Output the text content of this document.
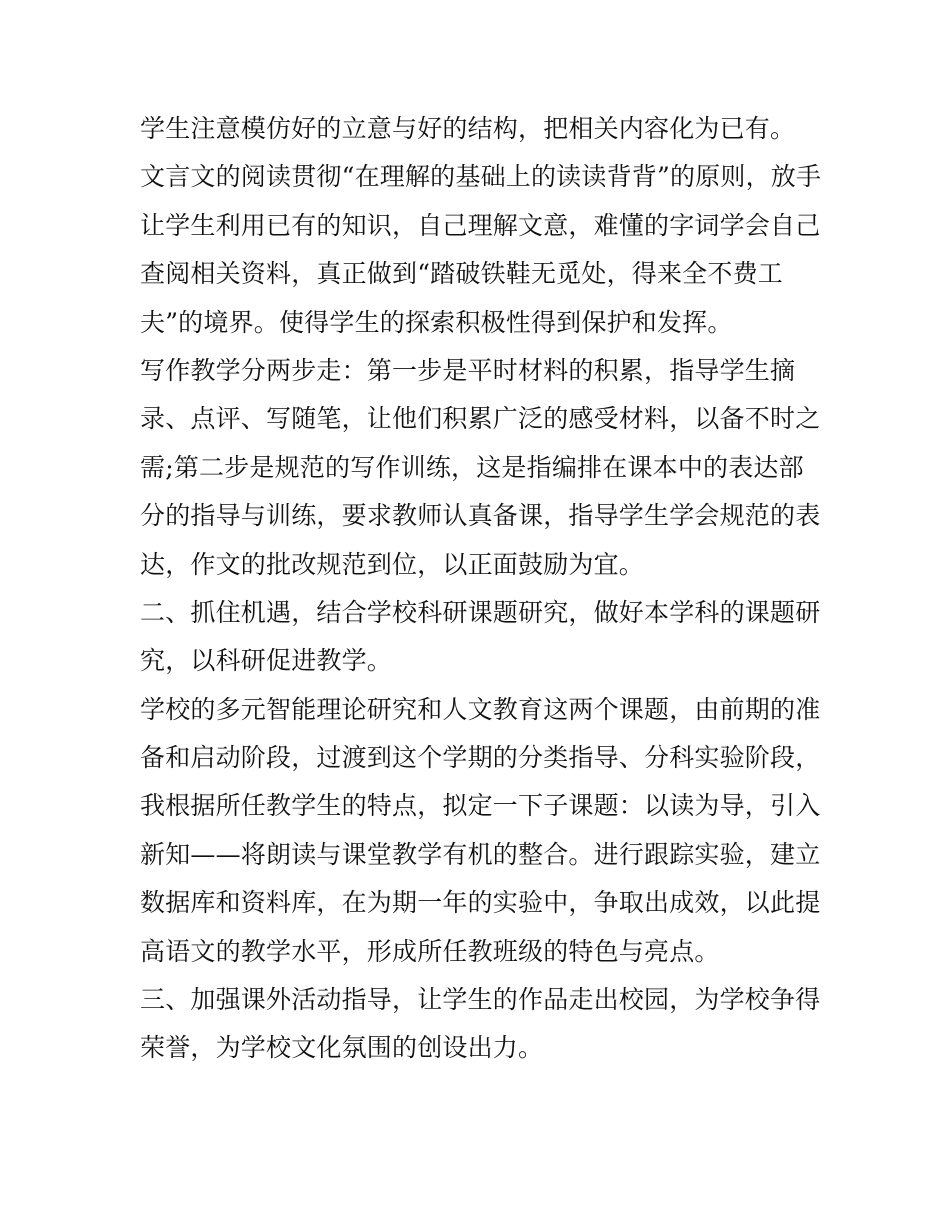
学生注意模仿好的立意与好的结构，把相关内容化为已有。
文言文的阅读贯彻“在理解的基础上的读读背背”的原则，放手
让学生利用已有的知识，自己理解文意，难懂的字词学会自己
查阅相关资料，真正做到“踏破铁鞋无觅处，得来全不费工
夫”的境界。使得学生的探索积极性得到保护和发挥。
写作教学分两步走：第一步是平时材料的积累，指导学生摘
录、点评、写随笔，让他们积累广泛的感受材料，以备不时之
需;第二步是规范的写作训练，这是指编排在课本中的表达部
分的指导与训练，要求教师认真备课，指导学生学会规范的表
达，作文的批改规范到位，以正面鼓励为宜。
二、抓住机遇，结合学校科研课题研究，做好本学科的课题研
究，以科研促进教学。
学校的多元智能理论研究和人文教育这两个课题，由前期的准
备和启动阶段，过渡到这个学期的分类指导、分科实验阶段，
我根据所任教学生的特点，拟定一下子课题：以读为导，引入
新知——将朗读与课堂教学有机的整合。进行跟踪实验，建立
数据库和资料库，在为期一年的实验中，争取出成效，以此提
高语文的教学水平，形成所任教班级的特色与亮点。
三、加强课外活动指导，让学生的作品走出校园，为学校争得
荣誉，为学校文化氛围的创设出力。
